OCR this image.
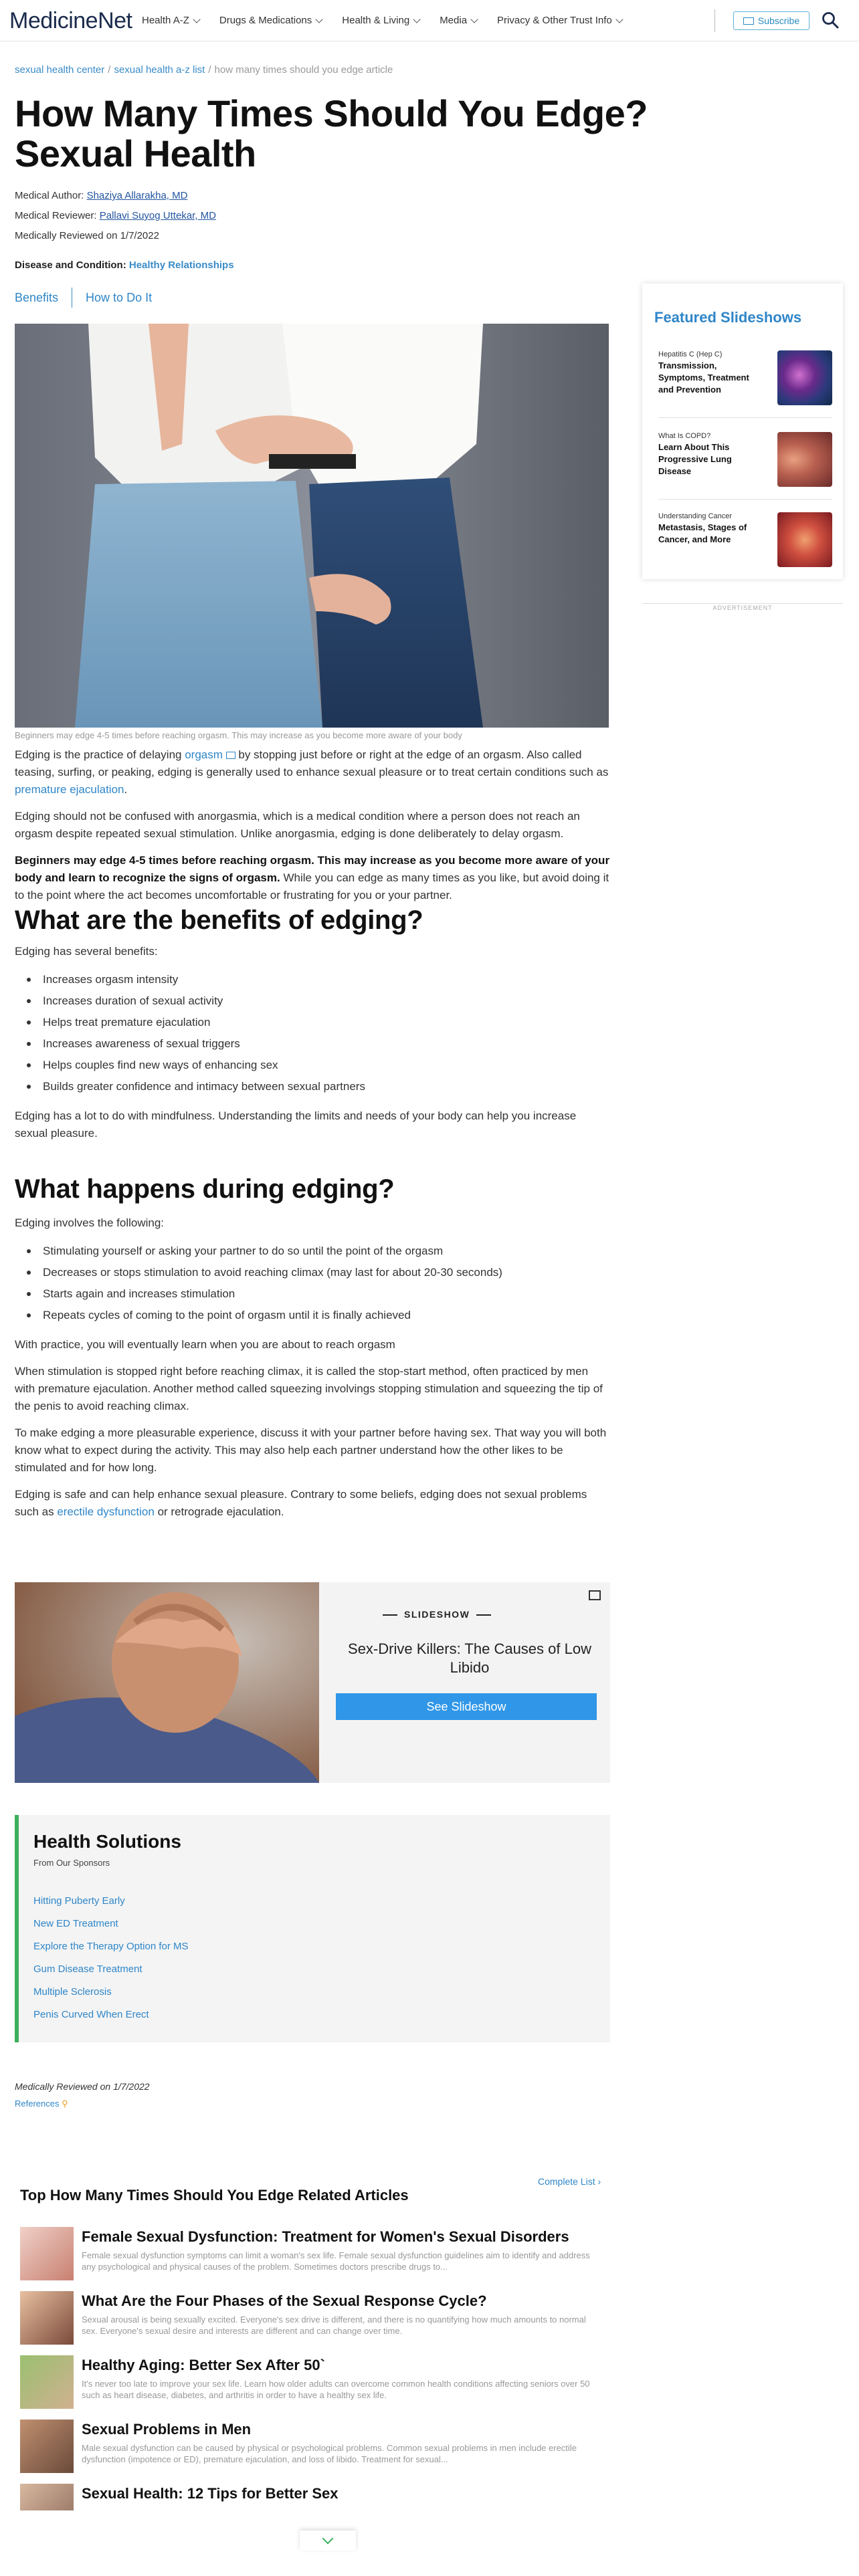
MedicineNet Health A-Z	Drugs & Medications	Health & Living	Media	Privacy & Other Trust Info	Subscribe
sexual health center / sexual health a-z list / how many times should you edge article
How Many Times Should You Edge? Sexual Health
Medical Author: Shaziya Allarakha, MD
Medical Reviewer: Pallavi Suyog Uttekar, MD
Medically Reviewed on 1/7/2022
Disease and Condition: Healthy Relationships
Benefits How to Do It
Beginners may edge 4-5 times before reaching orgasm. This may increase as you become more aware of your body

Edging is the practice of delaying orgasm  by stopping just before or right at the edge of an orgasm. Also called teasing, surfing, or peaking, edging is generally used to enhance sexual pleasure or to treat certain conditions such as premature ejaculation.

Edging should not be confused with anorgasmia, which is a medical condition where a person does not reach an orgasm despite repeated sexual stimulation. Unlike anorgasmia, edging is done deliberately to delay orgasm.

Beginners may edge 4-5 times before reaching orgasm. This may increase as you become more aware of your body and learn to recognize the signs of orgasm. While you can edge as many times as you like, but avoid doing it to the point where the act becomes uncomfortable or frustrating for you or your partner.

What are the benefits of edging?

Edging has several benefits:

Increases orgasm intensity
Increases duration of sexual activity
Helps treat premature ejaculation
Increases awareness of sexual triggers
Helps couples find new ways of enhancing sex
Builds greater confidence and intimacy between sexual partners

Edging has a lot to do with mindfulness. Understanding the limits and needs of your body can help you increase sexual pleasure.

What happens during edging?

Edging involves the following:

Stimulating yourself or asking your partner to do so until the point of the orgasm
Decreases or stops stimulation to avoid reaching climax (may last for about 20-30 seconds)
Starts again and increases stimulation
Repeats cycles of coming to the point of orgasm until it is finally achieved

With practice, you will eventually learn when you are about to reach orgasm

When stimulation is stopped right before reaching climax, it is called the stop-start method, often practiced by men with premature ejaculation. Another method called squeezing involvings stopping stimulation and squeezing the tip of the penis to avoid reaching climax.

To make edging a more pleasurable experience, discuss it with your partner before having sex. That way you will both know what to expect during the activity. This may also help each partner understand how the other likes to be stimulated and for how long.

Edging is safe and can help enhance sexual pleasure. Contrary to some beliefs, edging does not sexual problems such as erectile dysfunction or retrograde ejaculation.

Featured Slideshows
Hepatitis C (Hep C)
Transmission, Symptoms, Treatment and Prevention
What Is COPD?
Learn About This Progressive Lung Disease
Understanding Cancer
Metastasis, Stages of Cancer, and More
ADVERTISEMENT
SLIDESHOW
Sex-Drive Killers: The Causes of Low Libido
See Slideshow
Health Solutions
From Our Sponsors
Hitting Puberty Early
New ED Treatment
Explore the Therapy Option for MS
Gum Disease Treatment
Multiple Sclerosis
Penis Curved When Erect
Medically Reviewed on 1/7/2022
References ⚲
Complete List ›
Top How Many Times Should You Edge Related Articles
Female Sexual Dysfunction: Treatment for Women's Sexual Disorders
Female sexual dysfunction symptoms can limit a woman's sex life. Female sexual dysfunction guidelines aim to identify and address any psychological and physical causes of the problem. Sometimes doctors prescribe drugs to...
What Are the Four Phases of the Sexual Response Cycle?
Sexual arousal is being sexually excited. Everyone's sex drive is different, and there is no quantifying how much amounts to normal sex. Everyone's sexual desire and interests are different and can change over time.
Healthy Aging: Better Sex After 50`
It's never too late to improve your sex life. Learn how older adults can overcome common health conditions affecting seniors over 50 such as heart disease, diabetes, and arthritis in order to have a healthy sex life.
Sexual Problems in Men
Male sexual dysfunction can be caused by physical or psychological problems. Common sexual problems in men include erectile dysfunction (impotence or ED), premature ejaculation, and loss of libido. Treatment for sexual...
Sexual Health: 12 Tips for Better Sex
